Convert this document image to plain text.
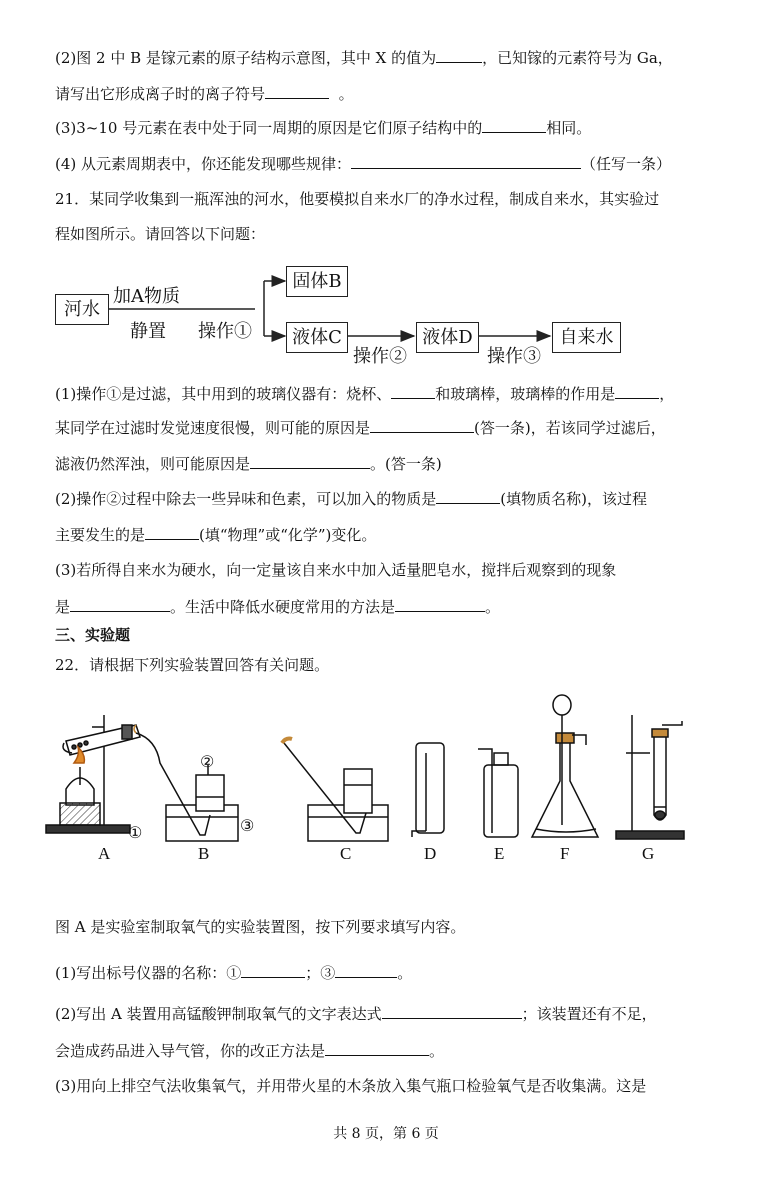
(2)图 2 中 B 是镓元素的原子结构示意图，其中 X 的值为	，已知镓的元素符号为 Ga，
请写出它形成离子时的离子符号	。
(3)3~10 号元素在表中处于同一周期的原因是它们原子结构中的	相同。
(4) 从元素周期表中，你还能发现哪些规律：	（任写一条）
21．某同学收集到一瓶浑浊的河水，他要模拟自来水厂的净水过程，制成自来水，其实验过
程如图所示。请回答以下问题：
河水
加A物质
静置 操作①
固体B
液体C
操作②
液体D
操作③
自来水
(1)操作①是过滤，其中用到的玻璃仪器有：烧杯、	和玻璃棒，玻璃棒的作用是	，
某同学在过滤时发觉速度很慢，则可能的原因是	(答一条)，若该同学过滤后，
滤液仍然浑浊，则可能原因是	。(答一条)
(2)操作②过程中除去一些异味和色素，可以加入的物质是	(填物质名称)，该过程
主要发生的是	(填“物理”或“化学”)变化。
(3)若所得自来水为硬水，向一定量该自来水中加入适量肥皂水，搅拌后观察到的现象
是	。生活中降低水硬度常用的方法是	。
三、实验题
22．请根据下列实验装置回答有关问题。
①
②
③
A	B	C	D	E	F	G
图 A 是实验室制取氧气的实验装置图，按下列要求填写内容。
(1)写出标号仪器的名称：①	；③	。
(2)写出 A 装置用高锰酸钾制取氧气的文字表达式	；该装置还有不足，
会造成药品进入导气管，你的改正方法是	。
(3)用向上排空气法收集氧气，并用带火星的木条放入集气瓶口检验氧气是否收集满。这是
共 8 页，第 6 页
